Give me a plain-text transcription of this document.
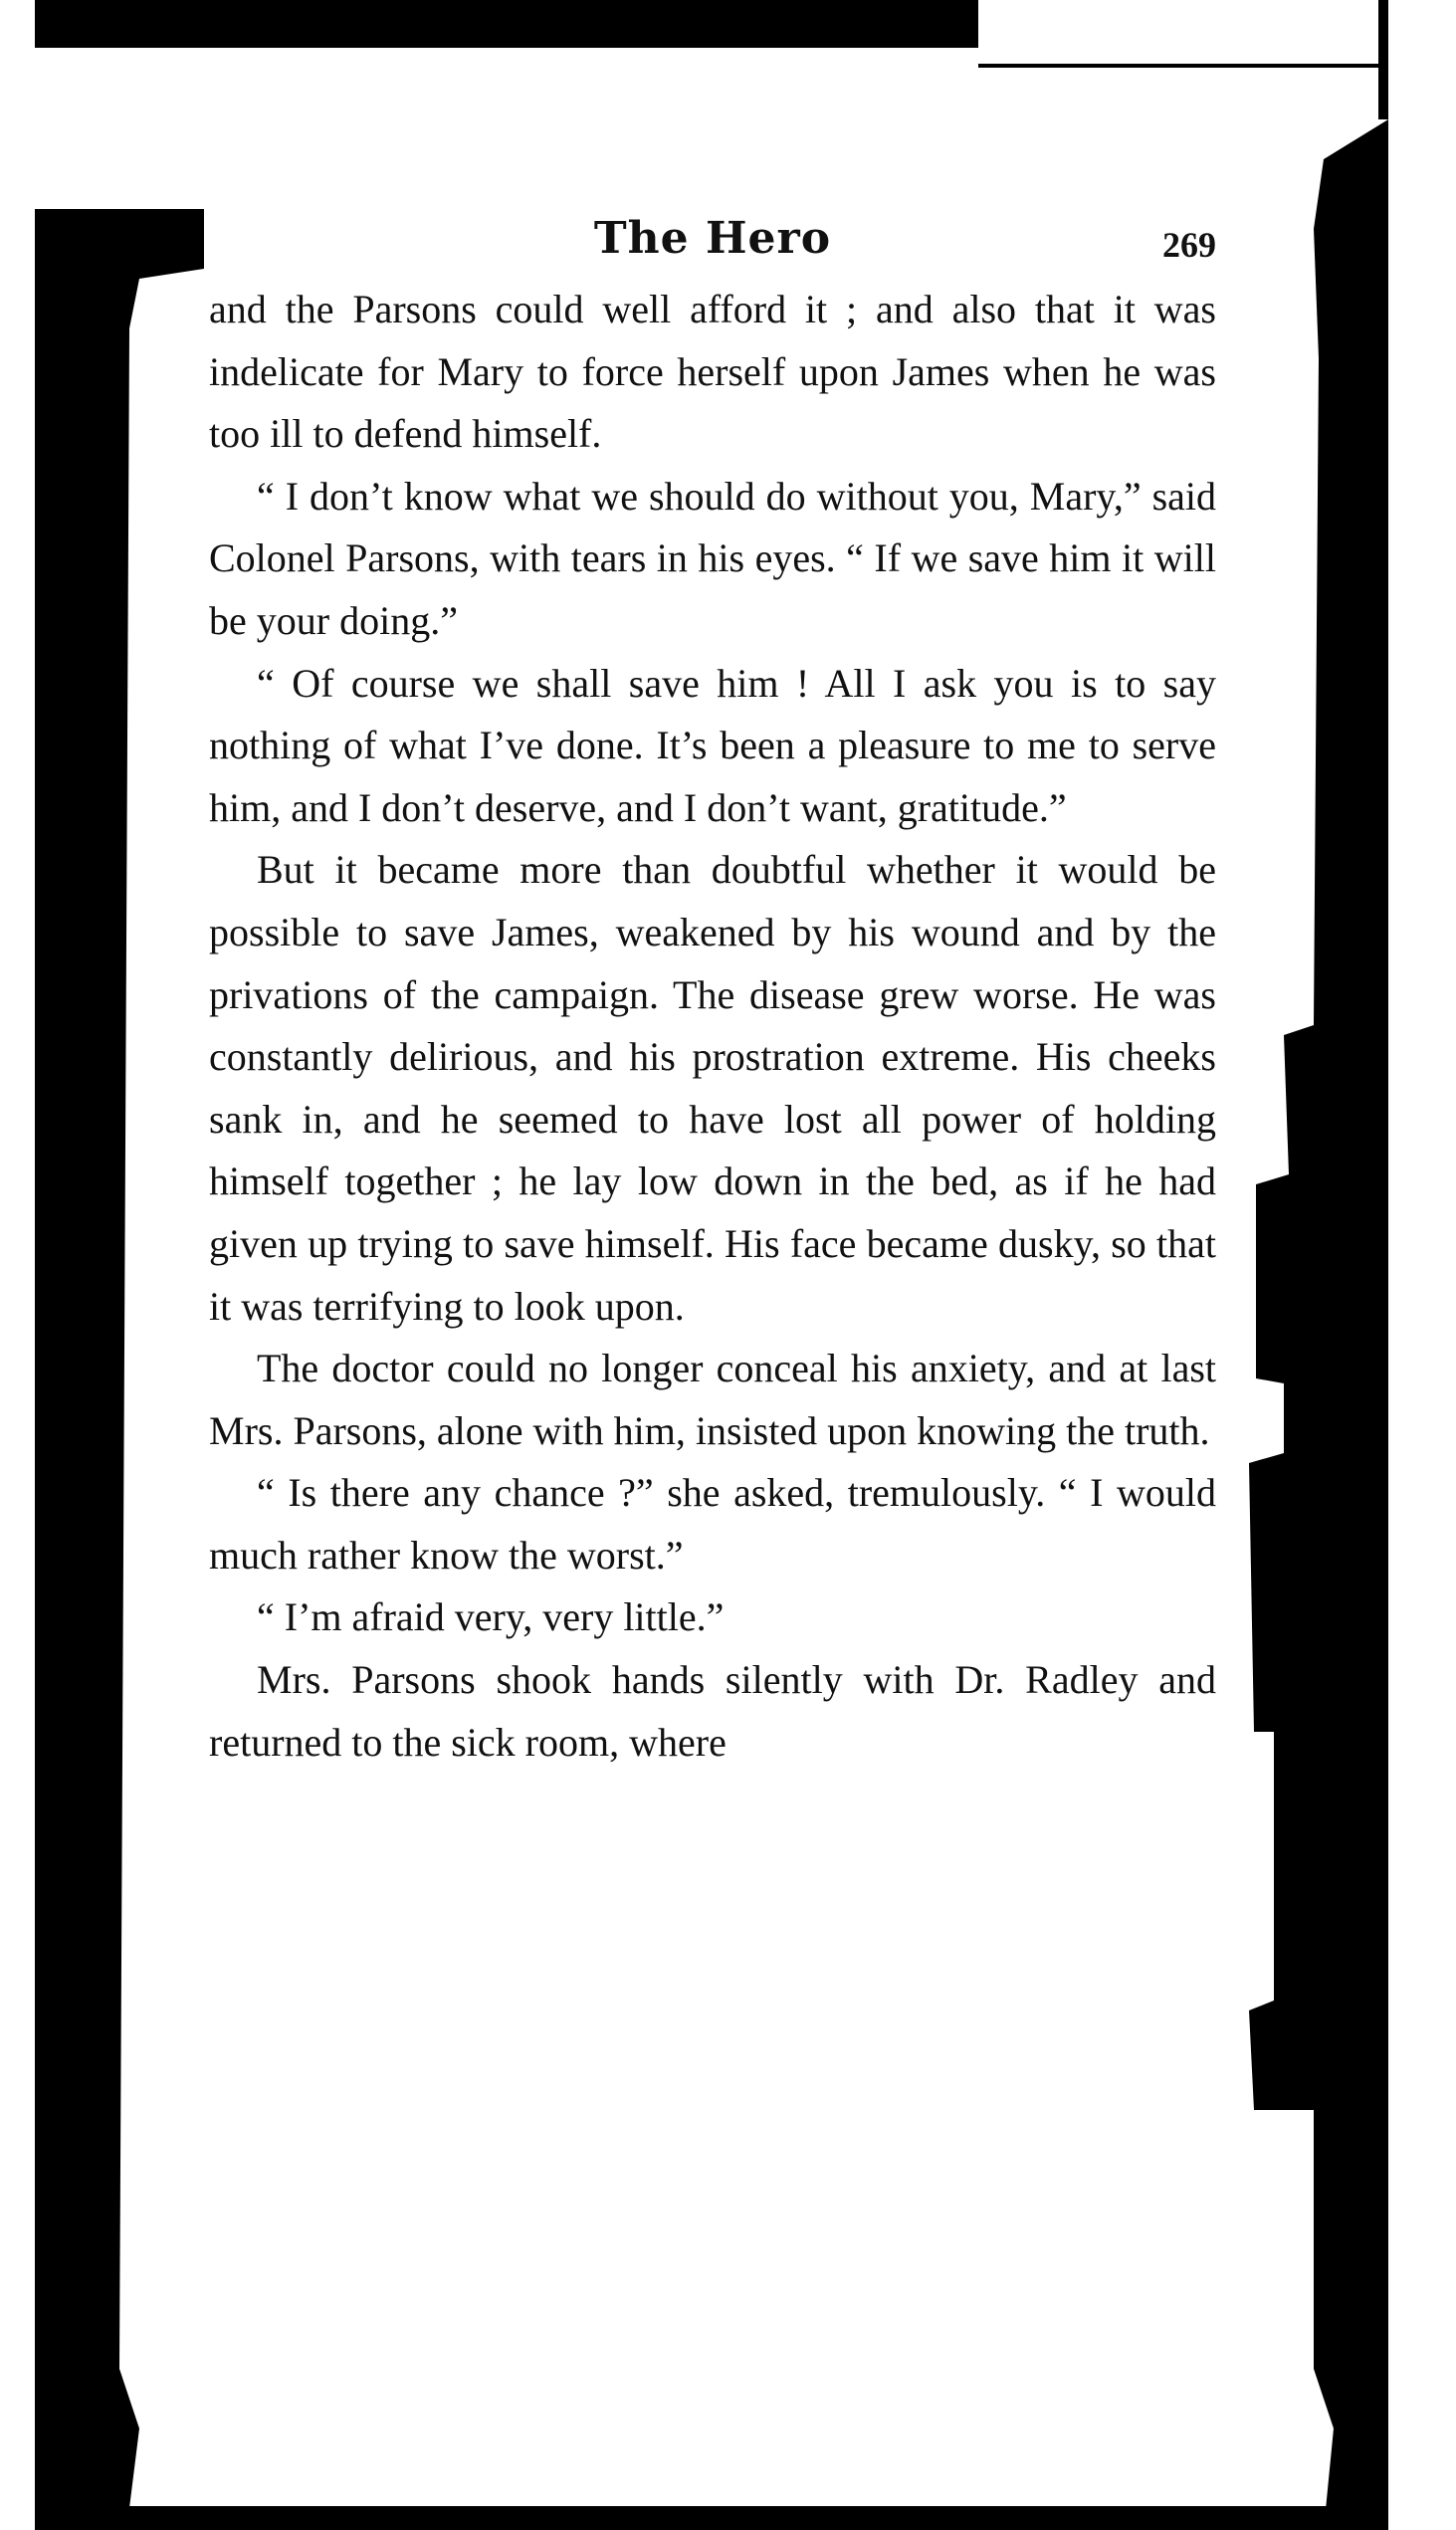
The Hero	269

and the Parsons could well afford it ; and also that it was indelicate for Mary to force herself upon James when he was too ill to defend himself.

“ I don’t know what we should do without you, Mary,” said Colonel Parsons, with tears in his eyes. “ If we save him it will be your doing.”

“ Of course we shall save him ! All I ask you is to say nothing of what I’ve done. It’s been a pleasure to me to serve him, and I don’t deserve, and I don’t want, gratitude.”

But it became more than doubtful whether it would be possible to save James, weakened by his wound and by the privations of the campaign. The disease grew worse. He was constantly delirious, and his prostration extreme. His cheeks sank in, and he seemed to have lost all power of holding himself together ; he lay low down in the bed, as if he had given up trying to save himself. His face became dusky, so that it was terrifying to look upon.

The doctor could no longer conceal his anxiety, and at last Mrs. Parsons, alone with him, insisted upon knowing the truth.

“ Is there any chance ?” she asked, tremulously. “ I would much rather know the worst.”

“ I’m afraid very, very little.”

Mrs. Parsons shook hands silently with Dr. Radley and returned to the sick room, where
